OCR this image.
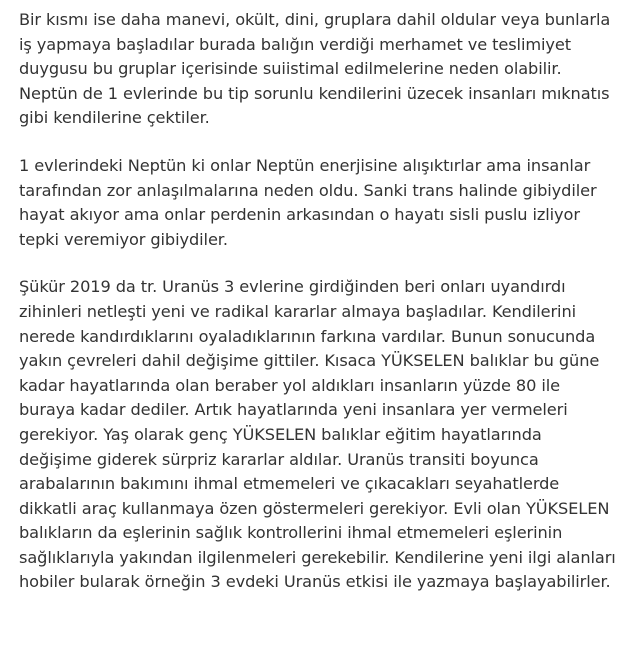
Bir kısmı ise daha manevi, okült, dini, gruplara dahil oldular veya bunlarla
iş yapmaya başladılar burada balığın verdiği merhamet ve teslimiyet
duygusu bu gruplar içerisinde suiistimal edilmelerine neden olabilir.
Neptün de 1 evlerinde bu tip sorunlu kendilerini üzecek insanları mıknatıs
gibi kendilerine çektiler.

1 evlerindeki Neptün ki onlar Neptün enerjisine alışıktırlar ama insanlar
tarafından zor anlaşılmalarına neden oldu. Sanki trans halinde gibiydiler
hayat akıyor ama onlar perdenin arkasından o hayatı sisli puslu izliyor
tepki veremiyor gibiydiler.

Şükür 2019 da tr. Uranüs 3 evlerine girdiğinden beri onları uyandırdı
zihinleri netleşti yeni ve radikal kararlar almaya başladılar. Kendilerini
nerede kandırdıklarını oyaladıklarının farkına vardılar. Bunun sonucunda
yakın çevreleri dahil değişime gittiler. Kısaca YÜKSELEN balıklar bu güne
kadar hayatlarında olan beraber yol aldıkları insanların yüzde 80 ile
buraya kadar dediler. Artık hayatlarında yeni insanlara yer vermeleri
gerekiyor. Yaş olarak genç YÜKSELEN balıklar eğitim hayatlarında
değişime giderek sürpriz kararlar aldılar. Uranüs transiti boyunca
arabalarının bakımını ihmal etmemeleri ve çıkacakları seyahatlerde
dikkatli araç kullanmaya özen göstermeleri gerekiyor. Evli olan YÜKSELEN
balıkların da eşlerinin sağlık kontrollerini ihmal etmemeleri eşlerinin
sağlıklarıyla yakından ilgilenmeleri gerekebilir. Kendilerine yeni ilgi alanları
hobiler bularak örneğin 3 evdeki Uranüs etkisi ile yazmaya başlayabilirler.
